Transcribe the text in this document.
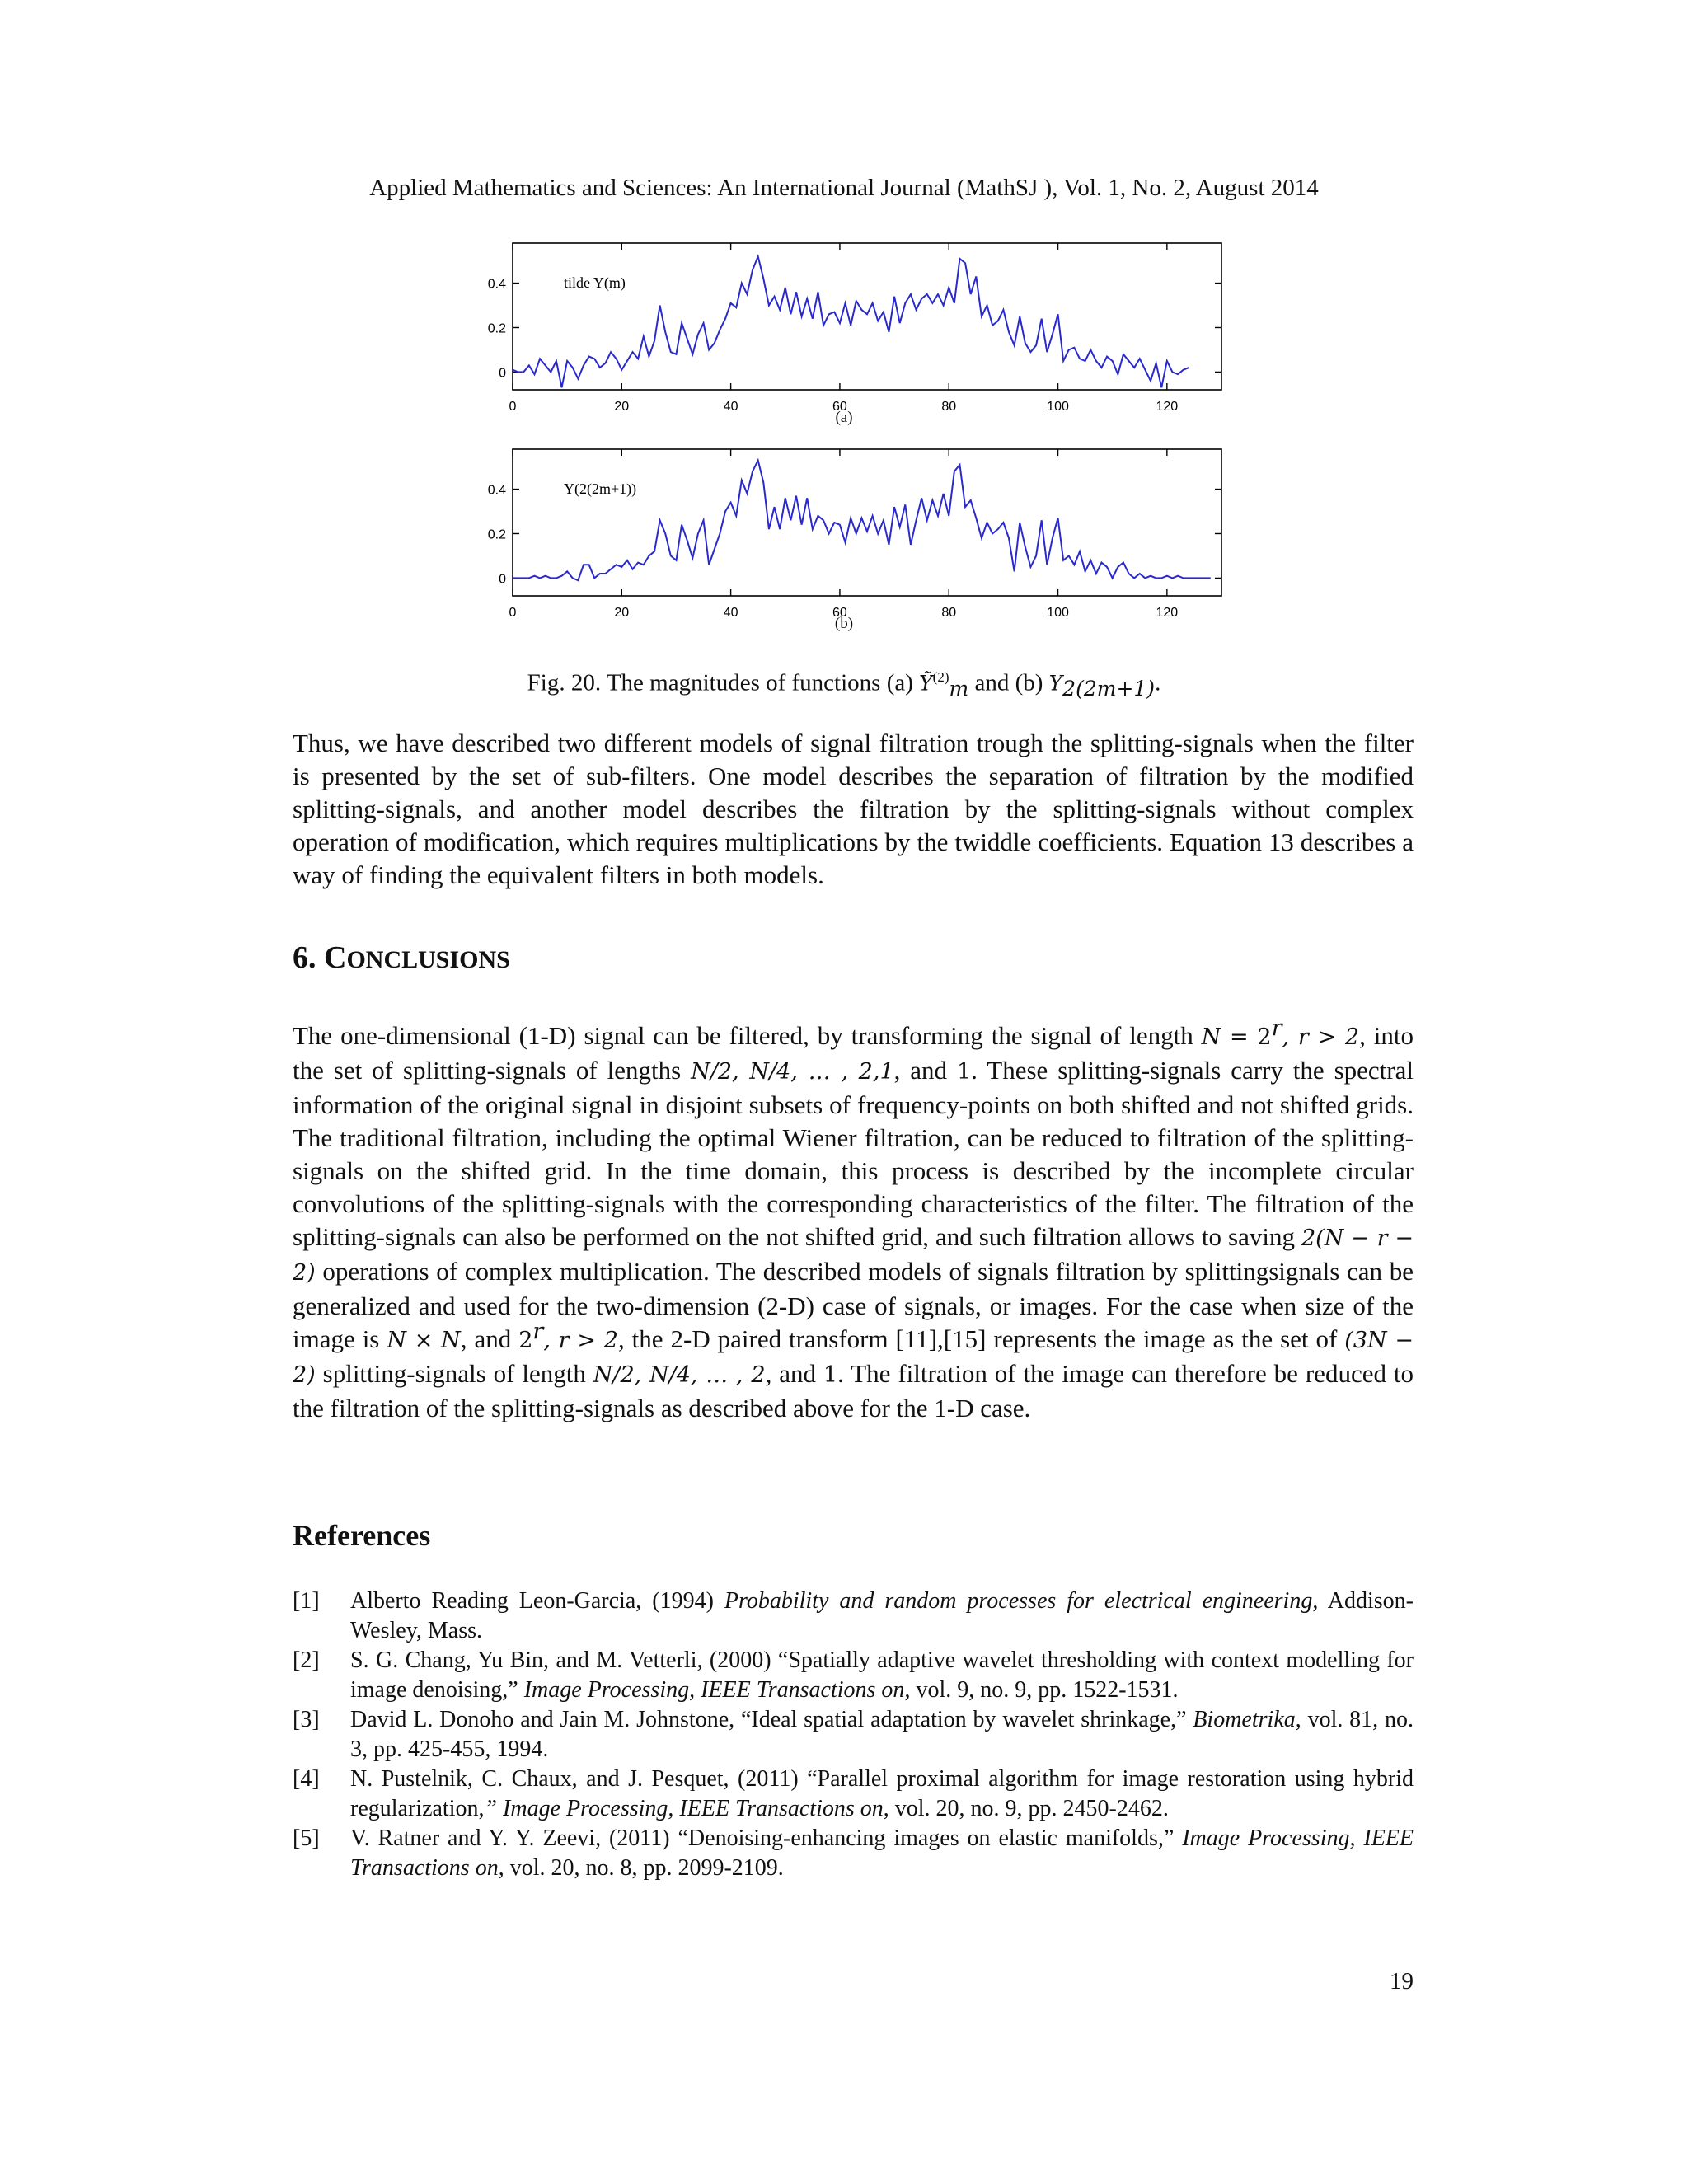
Applied Mathematics and Sciences: An International Journal (MathSJ ), Vol. 1, No. 2, August 2014
0	20	40	60	80	100	120
0
0.2
0.4	tilde Y(m)
(a)
0	20	40	60	80	100	120
0
0.2
0.4	Y(2(2m+1))
(b)
Fig. 20. The magnitudes of functions (a) Ỹ$^{(2)}_m$ and (b) $Y_{2(2m+1)}$.

Thus, we have described two different models of signal filtration trough the splitting-signals when the filter is presented by the set of sub-filters. One model describes the separation of filtration by the modified splitting-signals, and another model describes the filtration by the splitting-signals without complex operation of modification, which requires multiplications by the twiddle coefficients. Equation 13 describes a way of finding the equivalent filters in both models.

6. CONCLUSIONS

The one-dimensional (1-D) signal can be filtered, by transforming the signal of length $N = 2^r$, r > 2, into the set of splitting-signals of lengths N/2, N/4, … , 2,1, and 1. These splitting-signals carry the spectral information of the original signal in disjoint subsets of frequency-points on both shifted and not shifted grids. The traditional filtration, including the optimal Wiener filtration, can be reduced to filtration of the splitting-signals on the shifted grid. In the time domain, this process is described by the incomplete circular convolutions of the splitting-signals with the corresponding characteristics of the filter. The filtration of the splitting-signals can also be performed on the not shifted grid, and such filtration allows to saving 2(N − r − 2) operations of complex multiplication. The described models of signals filtration by splittingsignals can be generalized and used for the two-dimension (2-D) case of signals, or images. For the case when size of the image is N × N, and 2$^r$, r > 2, the 2-D paired transform [11],[15] represents the image as the set of (3N − 2) splitting-signals of length N/2, N/4, … , 2, and 1. The filtration of the image can therefore be reduced to the filtration of the splitting-signals as described above for the 1-D case.

References
[1]	Alberto Reading Leon-Garcia, (1994) Probability and random processes for electrical engineering, Addison-Wesley, Mass.
[2]	S. G. Chang, Yu Bin, and M. Vetterli, (2000) “Spatially adaptive wavelet thresholding with context modelling for image denoising,” Image Processing, IEEE Transactions on, vol. 9, no. 9, pp. 1522-1531.
[3]	David L. Donoho and Jain M. Johnstone, “Ideal spatial adaptation by wavelet shrinkage,” Biometrika, vol. 81, no. 3, pp. 425-455, 1994.
[4]	N. Pustelnik, C. Chaux, and J. Pesquet, (2011) “Parallel proximal algorithm for image restoration using hybrid regularization,” Image Processing, IEEE Transactions on, vol. 20, no. 9, pp. 2450-2462.
[5]	V. Ratner and Y. Y. Zeevi, (2011) “Denoising-enhancing images on elastic manifolds,” Image Processing, IEEE Transactions on, vol. 20, no. 8, pp. 2099-2109.
19
